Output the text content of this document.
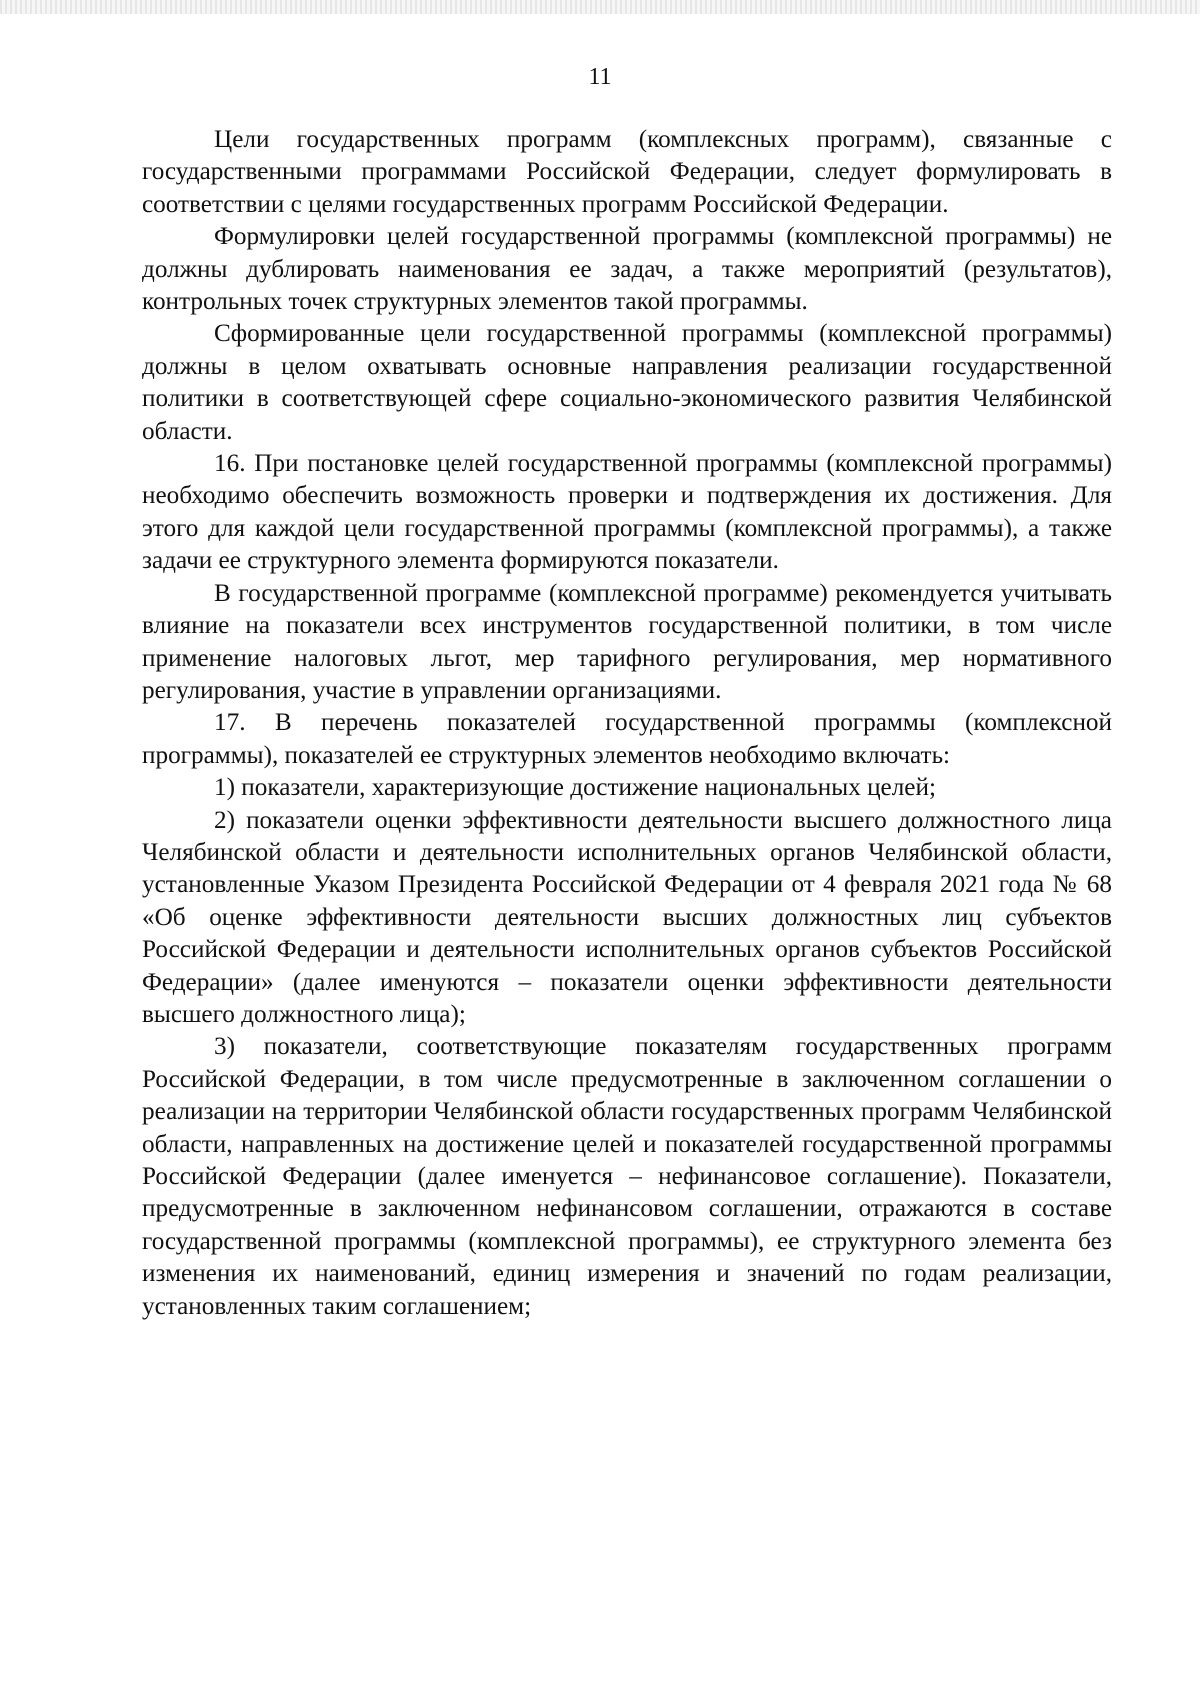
11

Цели государственных программ (комплексных программ), связанные с государственными программами Российской Федерации, следует формулировать в соответствии с целями государственных программ Российской Федерации.

Формулировки целей государственной программы (комплексной программы) не должны дублировать наименования ее задач, а также мероприятий (результатов), контрольных точек структурных элементов такой программы.

Сформированные цели государственной программы (комплексной программы) должны в целом охватывать основные направления реализации государственной политики в соответствующей сфере социально-экономического развития Челябинской области.

16. При постановке целей государственной программы (комплексной программы) необходимо обеспечить возможность проверки и подтверждения их достижения. Для этого для каждой цели государственной программы (комплексной программы), а также задачи ее структурного элемента формируются показатели.

В государственной программе (комплексной программе) рекомендуется учитывать влияние на показатели всех инструментов государственной политики, в том числе применение налоговых льгот, мер тарифного регулирования, мер нормативного регулирования, участие в управлении организациями.

17. В перечень показателей государственной программы (комплексной программы), показателей ее структурных элементов необходимо включать:

1) показатели, характеризующие достижение национальных целей;

2) показатели оценки эффективности деятельности высшего должностного лица Челябинской области и деятельности исполнительных органов Челябинской области, установленные Указом Президента Российской Федерации от 4 февраля 2021 года № 68 «Об оценке эффективности деятельности высших должностных лиц субъектов Российской Федерации и деятельности исполнительных органов субъектов Российской Федерации» (далее именуются – показатели оценки эффективности деятельности высшего должностного лица);

3) показатели, соответствующие показателям государственных программ Российской Федерации, в том числе предусмотренные в заключенном соглашении о реализации на территории Челябинской области государственных программ Челябинской области, направленных на достижение целей и показателей государственной программы Российской Федерации (далее именуется – нефинансовое соглашение). Показатели, предусмотренные в заключенном нефинансовом соглашении, отражаются в составе государственной программы (комплексной программы), ее структурного элемента без изменения их наименований, единиц измерения и значений по годам реализации, установленных таким соглашением;
